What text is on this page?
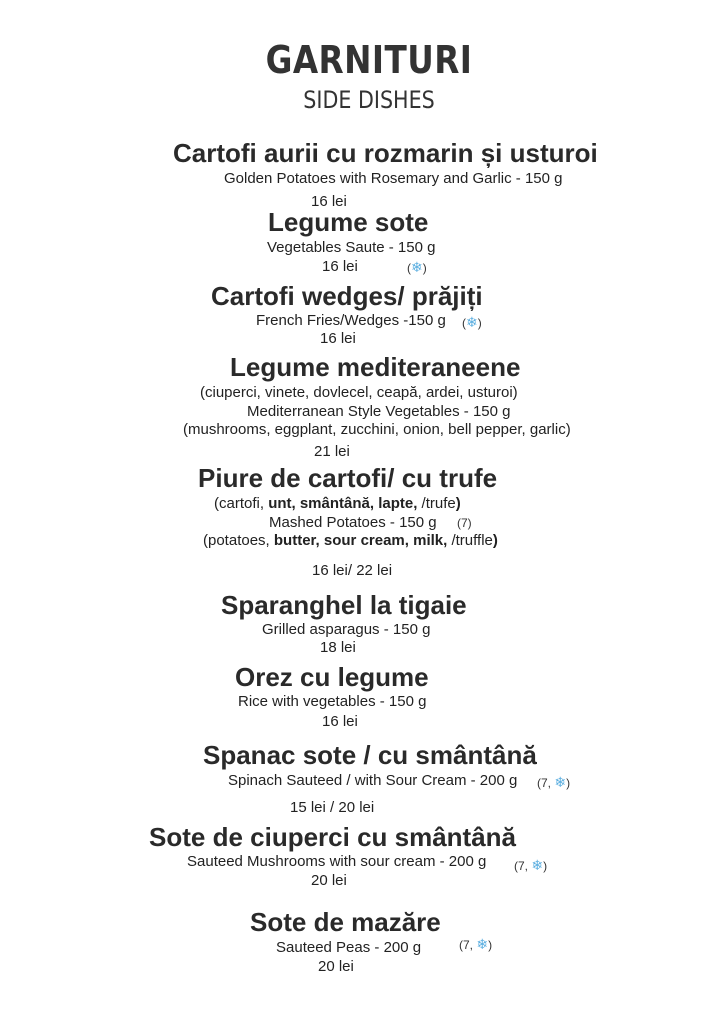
GARNITURI
SIDE DISHES
Cartofi aurii cu rozmarin și usturoi
Golden Potatoes with Rosemary and Garlic - 150 g
16 lei
Legume sote
Vegetables Saute - 150 g
16 lei	(❄)
Cartofi wedges/ prăjiți
French Fries/Wedges -150 g (❄)
16 lei
Legume mediteraneene
(ciuperci, vinete, dovlecel, ceapă, ardei, usturoi)
Mediterranean Style Vegetables - 150 g
(mushrooms, eggplant, zucchini, onion, bell pepper, garlic)
21 lei
Piure de cartofi/ cu trufe
(cartofi, unt, smântână, lapte, /trufe)
Mashed Potatoes - 150 g (7)
(potatoes, butter, sour cream, milk, /truffle)
16 lei/ 22 lei
Sparanghel la tigaie
Grilled asparagus - 150 g
18 lei
Orez cu legume
Rice with vegetables - 150 g
16 lei
Spanac sote / cu smântână
Spinach Sauteed / with Sour Cream - 200 g (7, ❄)
15 lei / 20 lei
Sote de ciuperci cu smântână
Sauteed Mushrooms with sour cream - 200 g (7, ❄)
20 lei
Sote de mazăre
Sauteed Peas - 200 g	(7, ❄)
20 lei
